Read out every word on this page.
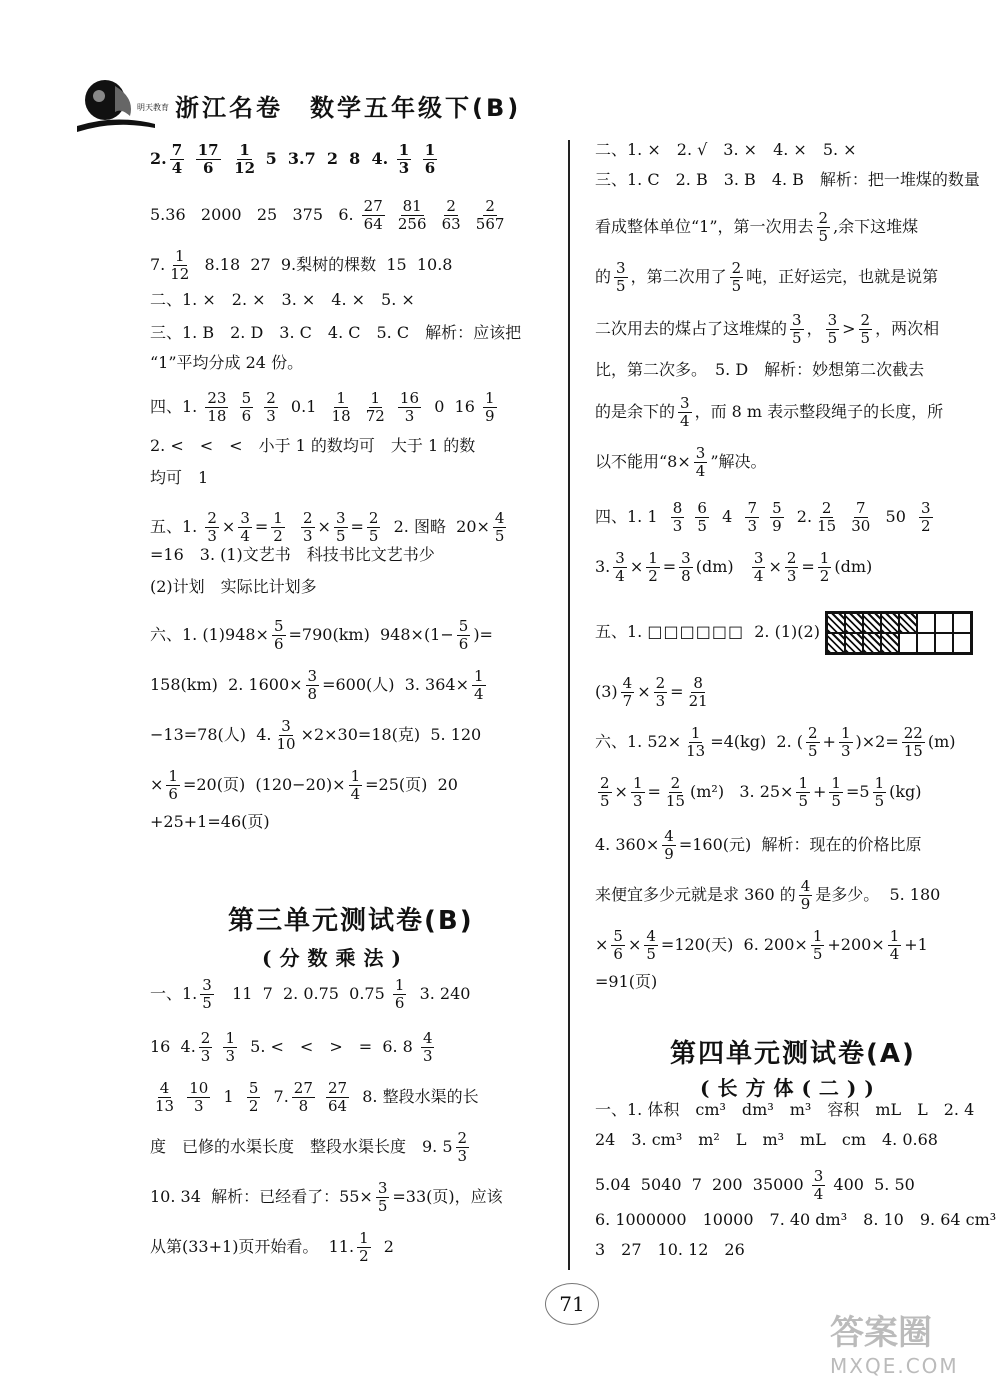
明天教育 浙江名卷　数学五年级下(B)
2. $\frac{7}{4}$
$\frac{17}{6}$
$\frac{1}{12} 5$ 3.7 2 8 4. $\frac{1}{3}$
$\frac{1}{6}$
5.36 2000 25 375 6. $\frac{27}{64}$
$\frac{81}{256}$
$\frac{2}{63}$
$\frac{2}{567}$
7. $\frac{1}{12} 8.18$ 27 9.梨树的棵数 15 10.8
二、1. ×　2. ×　3. ×　4. ×　5. ×
三、1. B　2. D　3. C　4. C　5. C　解析：应该把
“1”平均分成 24 份。
四、1. $\frac{23}{18}$
$\frac{5}{6}$
$\frac{2}{3} 0.1 \frac{1}{18}$
$\frac{1}{72}$
$\frac{16}{3} 0$ $16 \frac{1}{9}$
2. <　<　<　小于 1 的数均可　大于 1 的数
均可　1
五、1. $\frac{2}{3} \times \frac{3}{4} = \frac{1}{2}$
$\frac{2}{3} \times \frac{3}{5} = \frac{2}{5} 2$. 图略 $20\times \frac{4}{5}$
=16　3. (1)文艺书　科技书比文艺书少
(2)计划　实际比计划多
六、1. $(1)948\times \frac{5}{6} =790(km)$ $948\times(1- \frac{5}{6}$ )=
158(km) 2. $1600\times \frac{3}{8} =600$(人) 3. $364\times \frac{1}{4}$
−13=78(人) 4. $\frac{3}{10} \times 2\times 30=18$(克) 5. 120
× $\frac{1}{6} =20$(页) $(120-20)\times \frac{1}{4} =25$(页) 20
+25+1=46(页)
第三单元测试卷(B)
(分数乘法)
一、1. $\frac{3}{5} 11$ 7 2. 0.75 $0.75 \frac{1}{6} 3$. 240
16 4. $\frac{2}{3}$
$\frac{1}{3} 5$. <　<　>　= 6. $8 \frac{4}{3}$
$\frac{4}{13}$
$\frac{10}{3} 1 \frac{5}{2} 7$. $\frac{27}{8}$
$\frac{27}{64} 8$. 整段水渠的长
度　已修的水渠长度　整段水渠长度　9. $5 \frac{2}{3}$
10. 34 解析：已经看了：$55\times \frac{3}{5} =33$(页)，应该
从第(33+1)页开始看。 11. $\frac{1}{2} 2$
二、1. ×　2. √　3. ×　4. ×　5. ×
三、1. C　2. B　3. B　4. B　解析：把一堆煤的数量
看成整体单位“1”，第一次用去 $\frac{2}{5}$ ,余下这堆煤
的 $\frac{3}{5}$ ，第二次用了 $\frac{2}{5}$ 吨，正好运完，也就是说第
二次用去的煤占了这堆煤的 $\frac{3}{5}$ ， $\frac{3}{5} > \frac{2}{5}$ ，两次相
比，第二次多。　5. D　解析：妙想第二次截去
的是余下的 $\frac{3}{4}$ ，而 8 m 表示整段绳子的长度，所
以不能用“$8\times \frac{3}{4}$ ”解决。
四、1. $1 \frac{8}{3}$
$\frac{6}{5} 4 \frac{7}{3}$
$\frac{5}{9} 2$. $\frac{2}{15}$
$\frac{7}{30} 50 \frac{3}{2}$
3. $\frac{3}{4} \times \frac{1}{2} = \frac{3}{8} (dm) \frac{3}{4} \times \frac{2}{3} = \frac{1}{2} (dm)$
五、1. □□□□□□ 2. (1)(2)							

$(3) \frac{4}{7} \times \frac{2}{3} = \frac{8}{21}$
六、1. $52\times \frac{1}{13} =4(kg)$ 2. ( $\frac{2}{5} + \frac{1}{3} )\times 2= \frac{22}{15} (m)$
$\frac{2}{5} \times \frac{1}{3} = \frac{2}{15} (m^2)$ 3. $25\times \frac{1}{5} + \frac{1}{5} =5 \frac{1}{5} (kg)$
4. $360\times \frac{4}{9} =160$(元) 解析：现在的价格比原
来便宜多少元就是求 360 的 $\frac{4}{9}$ 是多少。 5. 180
× $\frac{5}{6} \times \frac{4}{5} =120$(天) 6. $200\times \frac{1}{5} +200\times \frac{1}{4} +1$
=91(页)
第四单元测试卷(A)
(长方体(二))
一、1. 体积　cm³　dm³　m³　容积　mL　L　2. 4
24　3. cm³　m²　L　m³　mL　cm　4. 0.68
5.04 5040 7 200 $35000 \frac{3}{4} 400$ 5. 50
6. 1000000　10000　7. 40 dm³　8. 10　9. 64 cm³
3　27　10. 12　26
71
答案圈
MXQE.COM
